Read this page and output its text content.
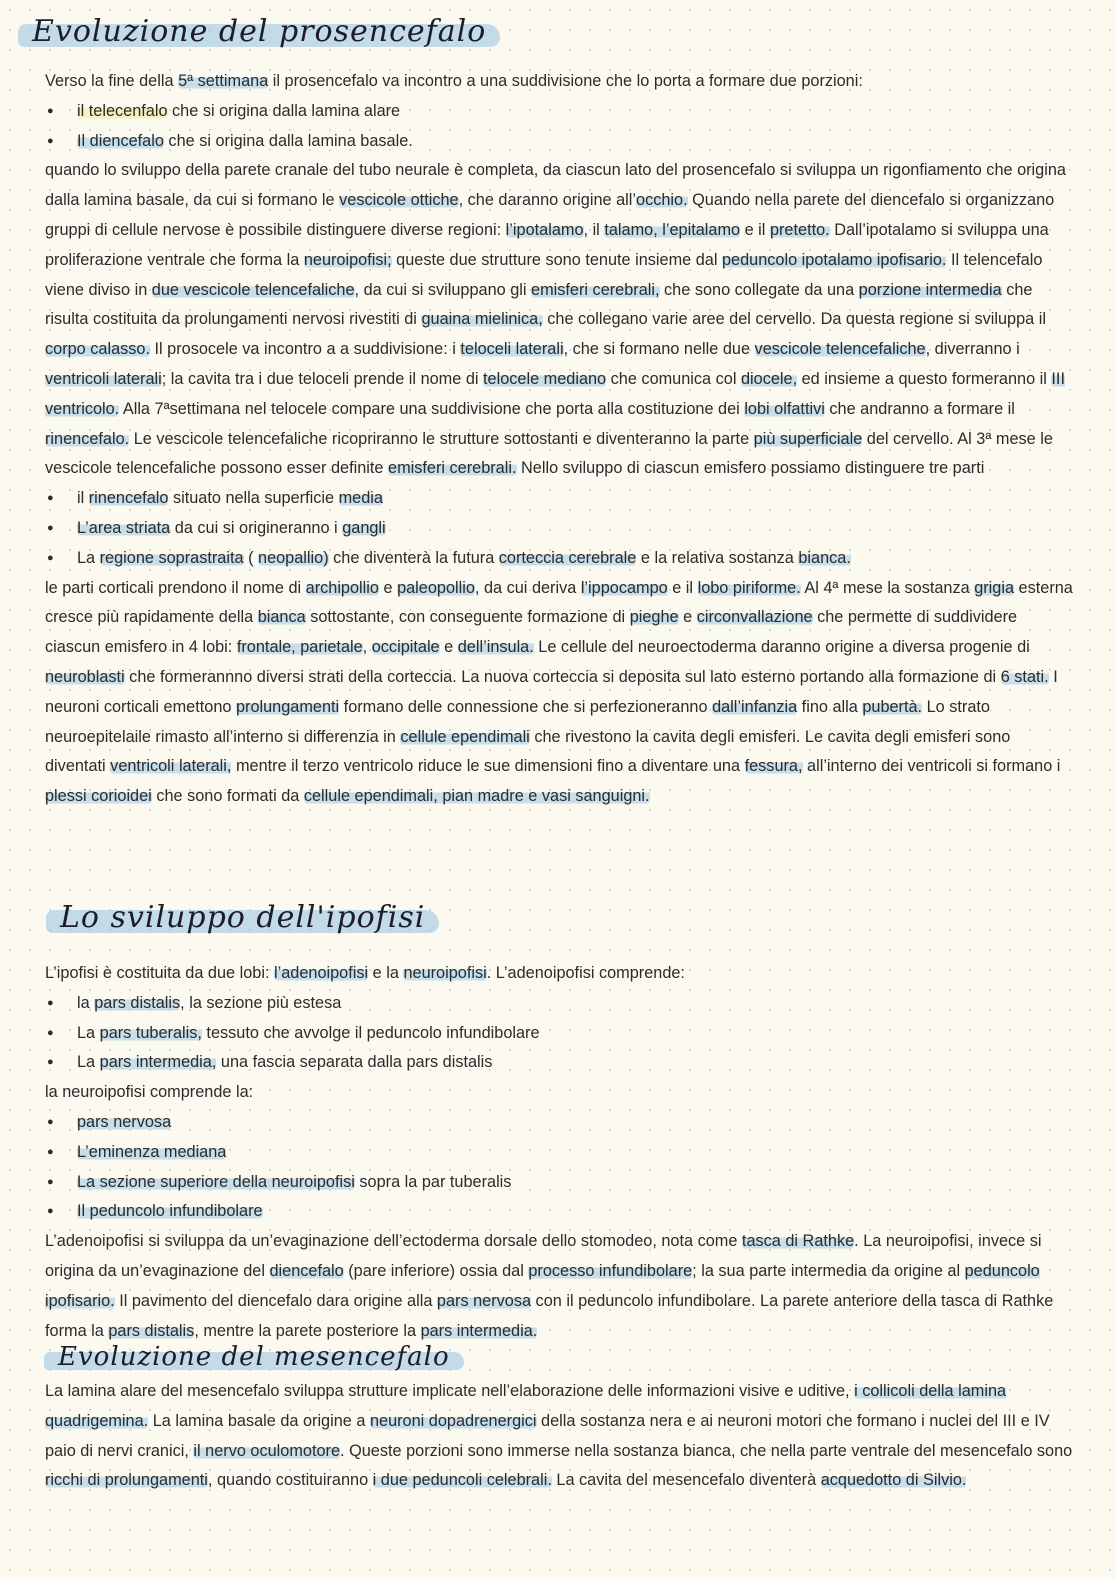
Evoluzione del prosencefalo

Verso la fine della 5ª settimana il prosencefalo va incontro a una suddivisione che lo porta a formare due porzioni:

● il telecenfalo che si origina dalla lamina alare

● Il diencefalo che si origina dalla lamina basale.

quando lo sviluppo della parete cranale del tubo neurale è completa, da ciascun lato del prosencefalo si sviluppa un rigonfiamento che origina dalla lamina basale, da cui si formano le vescicole ottiche, che daranno origine all’occhio. Quando nella parete del diencefalo si organizzano gruppi di cellule nervose è possibile distinguere diverse regioni: l’ipotalamo, il talamo, l’epitalamo e il pretetto. Dall’ipotalamo si sviluppa una proliferazione ventrale che forma la neuroipofisi; queste due strutture sono tenute insieme dal peduncolo ipotalamo ipofisario. Il telencefalo viene diviso in due vescicole telencefaliche, da cui si sviluppano gli emisferi cerebrali, che sono collegate da una porzione intermedia che risulta costituita da prolungamenti nervosi rivestiti di guaina mielinica, che collegano varie aree del cervello. Da questa regione si sviluppa il corpo calasso. Il prosocele va incontro a a suddivisione: i teloceli laterali, che si formano nelle due vescicole telencefaliche, diverranno i ventricoli laterali; la cavita tra i due teloceli prende il nome di telocele mediano che comunica col diocele, ed insieme a questo formeranno il III ventricolo. Alla 7ªsettimana nel telocele compare una suddivisione che porta alla costituzione dei lobi olfattivi che andranno a formare il rinencefalo. Le vescicole telencefaliche ricopriranno le strutture sottostanti e diventeranno la parte più superficiale del cervello. Al 3ª mese le vescicole telencefaliche possono esser definite emisferi cerebrali. Nello sviluppo di ciascun emisfero possiamo distinguere tre parti

● il rinencefalo situato nella superficie media

● L’area striata da cui si origineranno i gangli

● La regione soprastraita ( neopallio) che diventerà la futura corteccia cerebrale e la relativa sostanza bianca.

le parti corticali prendono il nome di archipollio e paleopollio, da cui deriva l’ippocampo e il lobo piriforme. Al 4ª mese la sostanza grigia esterna cresce più rapidamente della bianca sottostante, con conseguente formazione di pieghe e circonvallazione che permette di suddividere ciascun emisfero in 4 lobi: frontale, parietale, occipitale e dell’insula. Le cellule del neuroectoderma daranno origine a diversa progenie di neuroblasti che formerannno diversi strati della corteccia. La nuova corteccia si deposita sul lato esterno portando alla formazione di 6 stati. I neuroni corticali emettono prolungamenti formano delle connessione che si perfezioneranno dall’infanzia fino alla pubertà. Lo strato neuroepitelaile rimasto all’interno si differenzia in cellule ependimali che rivestono la cavita degli emisferi. Le cavita degli emisferi sono diventati ventricoli laterali, mentre il terzo ventricolo riduce le sue dimensioni fino a diventare una fessura, all’interno dei ventricoli si formano i plessi corioidei che sono formati da cellule ependimali, pian madre e vasi sanguigni.

Lo sviluppo dell'ipofisi

L’ipofisi è costituita da due lobi: l’adenoipofisi e la neuroipofisi. L’adenoipofisi comprende:

● la pars distalis, la sezione più estesa

● La pars tuberalis, tessuto che avvolge il peduncolo infundibolare

● La pars intermedia, una fascia separata dalla pars distalis

la neuroipofisi comprende la:

● pars nervosa

● L’eminenza mediana

● La sezione superiore della neuroipofisi sopra la par tuberalis

● Il peduncolo infundibolare

L’adenoipofisi si sviluppa da un’evaginazione dell’ectoderma dorsale dello stomodeo, nota come tasca di Rathke. La neuroipofisi, invece si origina da un’evaginazione del diencefalo (pare inferiore) ossia dal processo infundibolare; la sua parte intermedia da origine al peduncolo ipofisario. Il pavimento del diencefalo dara origine alla pars nervosa con il peduncolo infundibolare. La parete anteriore della tasca di Rathke forma la pars distalis, mentre la parete posteriore la pars intermedia.

Evoluzione del mesencefalo

La lamina alare del mesencefalo sviluppa strutture implicate nell’elaborazione delle informazioni visive e uditive, i collicoli della lamina quadrigemina. La lamina basale da origine a neuroni dopadrenergici della sostanza nera e ai neuroni motori che formano i nuclei del III e IV paio di nervi cranici, il nervo oculomotore. Queste porzioni sono immerse nella sostanza bianca, che nella parte ventrale del mesencefalo sono ricchi di prolungamenti, quando costituiranno i due peduncoli celebrali. La cavita del mesencefalo diventerà acquedotto di Silvio.
